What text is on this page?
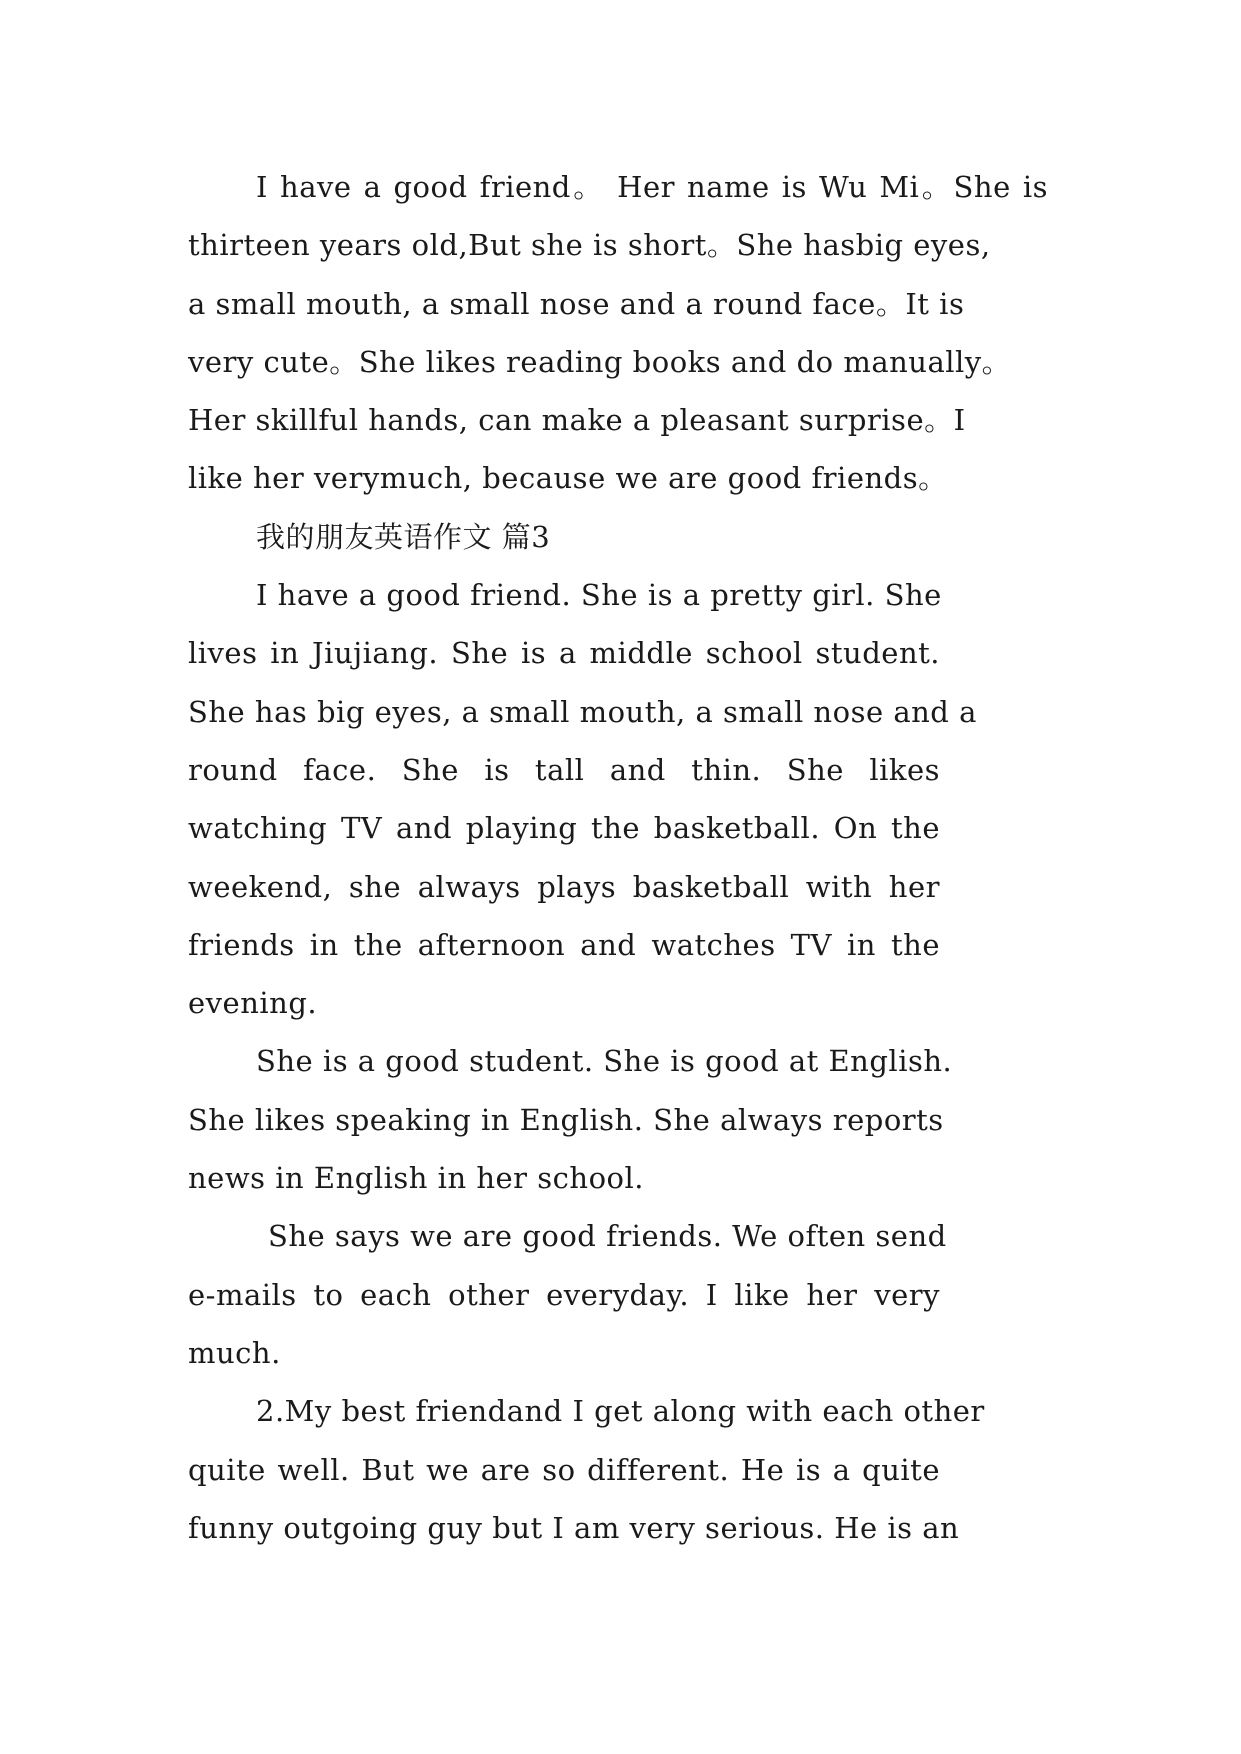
I have a good friend。 Her name is Wu Mi。She is
thirteen years old,But she is short。She hasbig eyes,
a small mouth, a small nose and a round face。It is
very cute。She likes reading books and do manually。
Her skillful hands, can make a pleasant surprise。I
like her verymuch, because we are good friends。
我的朋友英语作文 篇3
I have a good friend. She is a pretty girl. She
lives in Jiujiang. She is a middle school student.
She has big eyes, a small mouth, a small nose and a
round face. She is tall and thin. She likes
watching TV and playing the basketball. On the
weekend, she always plays basketball with her
friends in the afternoon and watches TV in the
evening.
She is a good student. She is good at English.
She likes speaking in English. She always reports
news in English in her school.
She says we are good friends. We often send
e-mails to each other everyday. I like her very
much.
2.My best friendand I get along with each other
quite well. But we are so different. He is a quite
funny outgoing guy but I am very serious. He is an
